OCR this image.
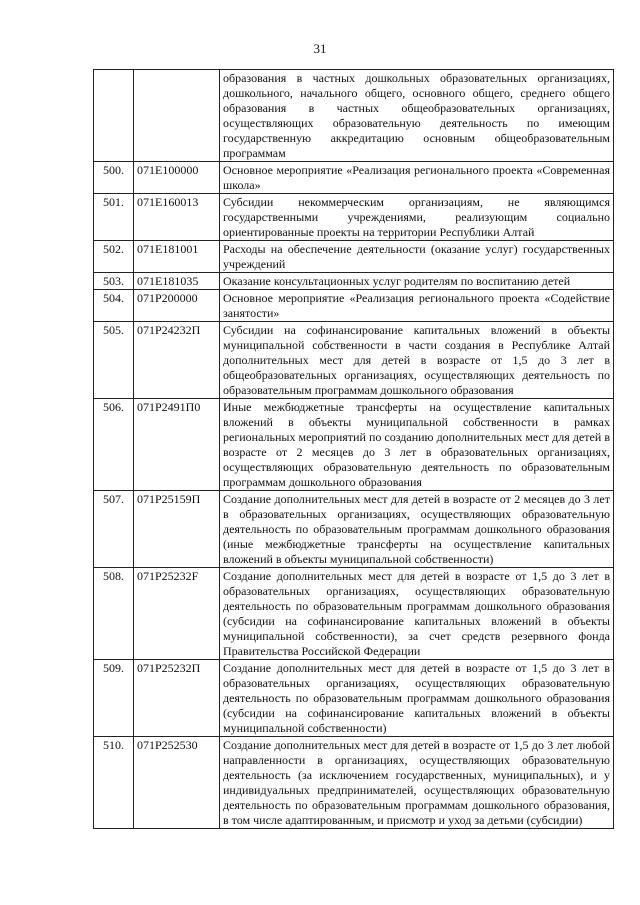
31
		образования в частных дошкольных образовательных организациях, дошкольного, начального общего, основного общего, среднего общего образования в частных общеобразовательных организациях, осуществляющих образовательную деятельность по имеющим государственную аккредитацию основным общеобразовательным программам
500.	071E100000	Основное мероприятие «Реализация регионального проекта «Современная школа»
501.	071E160013	Субсидии некоммерческим организациям, не являющимся государственными учреждениями, реализующим социально ориентированные проекты на территории Республики Алтай
502.	071E181001	Расходы на обеспечение деятельности (оказание услуг) государственных учреждений
503.	071E181035	Оказание консультационных услуг родителям по воспитанию детей
504.	071P200000	Основное мероприятие «Реализация регионального проекта «Содействие занятости»
505.	071P24232П	Субсидии на софинансирование капитальных вложений в объекты муниципальной собственности в части создания в Республике Алтай дополнительных мест для детей в возрасте от 1,5 до 3 лет в общеобразовательных организациях, осуществляющих деятельность по образовательным программам дошкольного образования
506.	071P2491П0	Иные межбюджетные трансферты на осуществление капитальных вложений в объекты муниципальной собственности в рамках региональных мероприятий по созданию дополнительных мест для детей в возрасте от 2 месяцев до 3 лет в образовательных организациях, осуществляющих образовательную деятельность по образовательным программам дошкольного образования
507.	071P25159П	Создание дополнительных мест для детей в возрасте от 2 месяцев до 3 лет в образовательных организациях, осуществляющих образовательную деятельность по образовательным программам дошкольного образования (иные межбюджетные трансферты на осуществление капитальных вложений в объекты муниципальной собственности)
508.	071P25232F	Создание дополнительных мест для детей в возрасте от 1,5 до 3 лет в образовательных организациях, осуществляющих образовательную деятельность по образовательным программам дошкольного образования (субсидии на софинансирование капитальных вложений в объекты муниципальной собственности), за счет средств резервного фонда Правительства Российской Федерации
509.	071P25232П	Создание дополнительных мест для детей в возрасте от 1,5 до 3 лет в образовательных организациях, осуществляющих образовательную деятельность по образовательным программам дошкольного образования (субсидии на софинансирование капитальных вложений в объекты муниципальной собственности)
510.	071P252530	Создание дополнительных мест для детей в возрасте от 1,5 до 3 лет любой направленности в организациях, осуществляющих образовательную деятельность (за исключением государственных, муниципальных), и у индивидуальных предпринимателей, осуществляющих образовательную деятельность по образовательным программам дошкольного образования, в том числе адаптированным, и присмотр и уход за детьми (субсидии)
